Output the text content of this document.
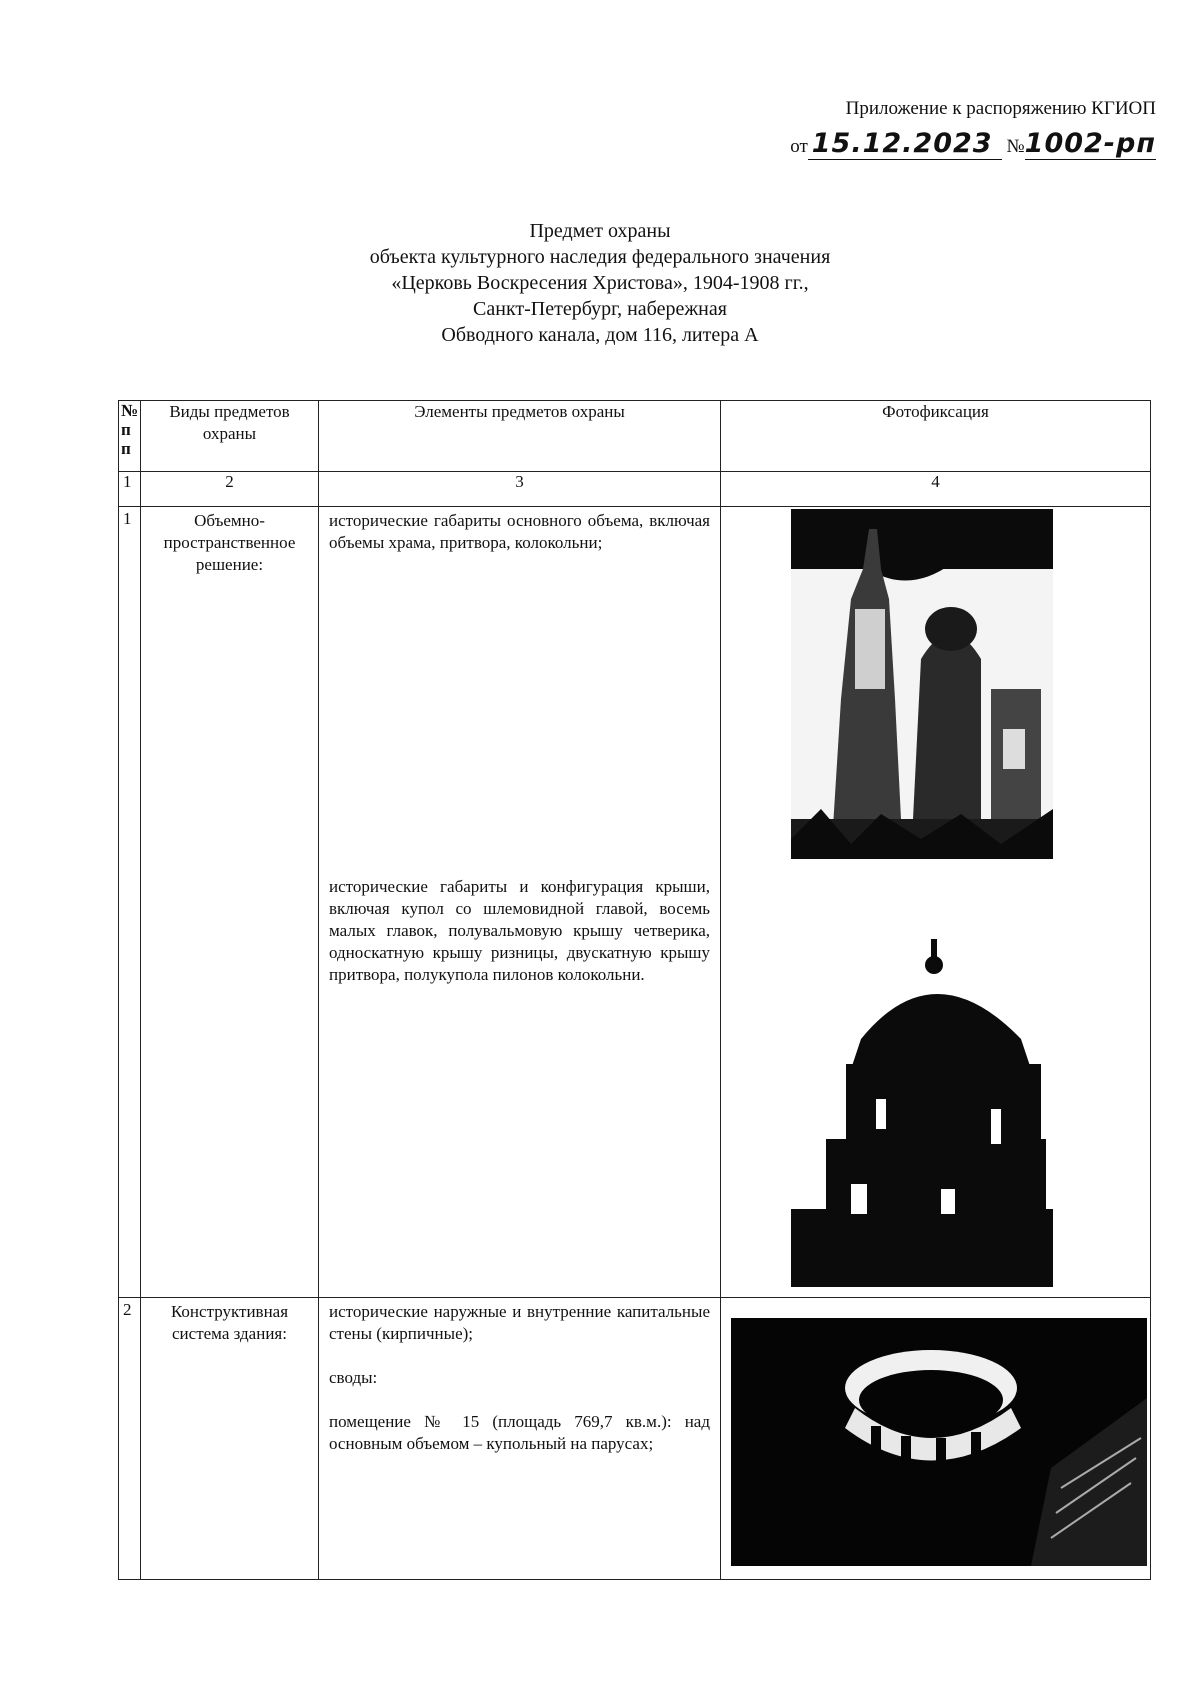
Приложение к распоряжению КГИОП
от 15.12.2023 №1002-рп
Предмет охраны
объекта культурного наследия федерального значения
«Церковь Воскресения Христова», 1904-1908 гг.,
Санкт-Петербург, набережная
Обводного канала, дом 116, литера А
№
п
п	Виды предметов охраны	Элементы предметов охраны	Фотофиксация
1	2	3	4
1	Объемно-пространственное решение:	исторические габариты основного объема, включая объемы храма, притвора, колокольни;

исторические габариты и конфигурация крыши, включая купол со шлемовидной главой, восемь малых главок, полувальмовую крышу четверика, односкатную крышу ризницы, двускатную крышу притвора, полукупола пилонов колокольни.

2	Конструктивная система здания:	исторические наружные и внутренние капитальные стены (кирпичные);

своды:

помещение № 15 (площадь 769,7 кв.м.): над основным объемом – купольный на парусах;
